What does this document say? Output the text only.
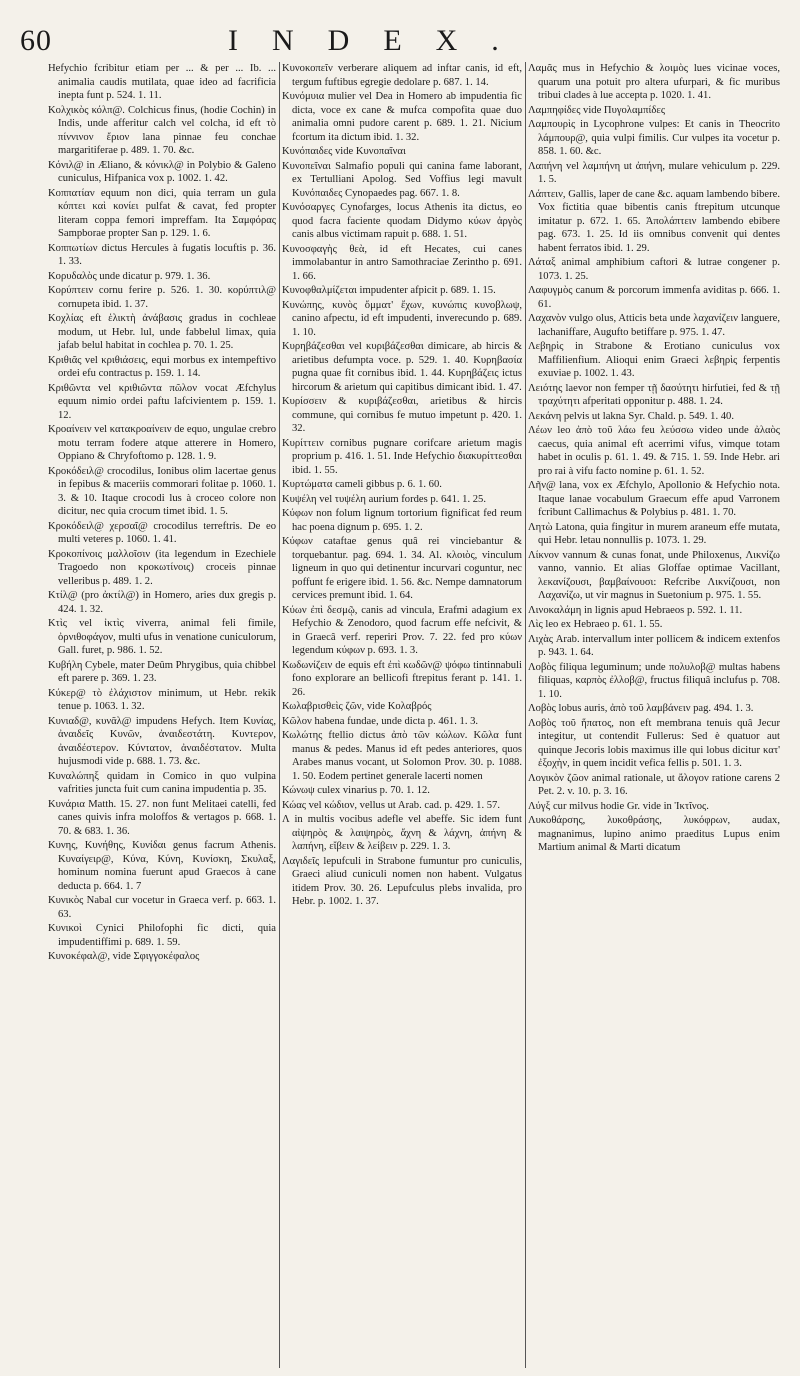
60	INDEX.

Hefychio fcribitur etiam per ... & per ... Ib. ... animalia caudis mutilata, quae ideo ad facrificia inepta funt p. 524. 1. 11.

Κολχικὸς κόλπ@. Colchicus finus, (hodie Cochin) in Indis, unde afferitur calch vel colcha, id eft τὸ πίννινον ἔριον lana pinnae feu conchae margaritiferae p. 489. 1. 70. &c.

Κόνιλ@ in Æliano, & κόνικλ@ in Polybio & Galeno cuniculus, Hifpanica vox p. 1002. 1. 42.

Κοππατίαν equum non dici, quia terram un gula κόπτει καὶ κονίει pulfat & cavat, fed propter literam coppa femori impreffam. Ita Σαμφόρας Sampborae propter San p. 129. 1. 6.

Κοππωτίων dictus Hercules à fugatis locuftis p. 36. 1. 33.

Κορυδαλὸς unde dicatur p. 979. 1. 36.

Κορύπτειν cornu ferire p. 526. 1. 30. κορύπτιλ@ cornupeta ibid. 1. 37.

Κοχλίας eft ἑλικτὴ ἀνάβασις gradus in cochleae modum, ut Hebr. lul, unde fabbelul limax, quia jafab belul habitat in cochlea p. 70. 1. 25.

Κριθιᾶς vel κριθιάσεις, equi morbus ex intempeftivo ordei efu contractus p. 159. 1. 14.

Κριθῶντα vel κριθιῶντα πῶλον vocat Æfchylus equum nimio ordei paftu lafcivientem p. 159. 1. 12.

Κροαίνειν vel κατακροαίνειν de equo, ungulae crebro motu terram fodere atque atterere in Homero, Oppiano & Chryfoftomo p. 128. 1. 9.

Κροκόδειλ@ crocodilus, Ionibus olim lacertae genus in fepibus & maceriis commorari folitae p. 1060. 1. 3. & 10. Itaque crocodi lus à croceo colore non dicitur, nec quia crocum timet ibid. 1. 5.

Κροκόδειλ@ χερσαῖ@ crocodilus terreftris. De eo multi veteres p. 1060. 1. 41.

Κροκοπίνοις μαλλοῖσιν (ita legendum in Ezechiele Tragoedo non κροκωτίνοις) croceis pinnae velleribus p. 489. 1. 2.

Κτίλ@ (pro ἀκτίλ@) in Homero, aries dux gregis p. 424. 1. 32.

Κτὶς vel ἰκτὶς viverra, animal feli fimile, ὀρνιθοφάγον, multi ufus in venatione cuniculorum, Gall. furet, p. 986. 1. 52.

Κυβήλη Cybele, mater Deûm Phrygibus, quia chibbel eft parere p. 369. 1. 23.

Κύκερ@ τὸ ἐλάχιστον minimum, ut Hebr. rekik tenue p. 1063. 1. 32.

Κυνιαδ@, κυνᾶλ@ impudens Hefych. Item Κυνίας, ἀναιδεῖς Κυνῶν, ἀναιδεστάτη. Κυντερον, ἀναιδέστερον. Κύντατον, ἀναιδέστατον. Multa hujusmodi vide p. 688. 1. 73. &c.

Κυναλώπηξ quidam in Comico in quo vulpina vafrities juncta fuit cum canina impudentia p. 35.

Κυνάρια Matth. 15. 27. non funt Melitaei catelli, fed canes quivis infra moloffos & vertagos p. 668. 1. 70. & 683. 1. 36.

Κυνης, Κυνήθης, Κυνίδαι genus facrum Athenis. Κυναίγειρ@, Κύνα, Κύνη, Κυνίσκη, Σκυλαξ, hominum nomina fuerunt apud Graecos à cane deducta p. 664. 1. 7

Κυνικὸς Nabal cur vocetur in Graeca verf. p. 663. 1. 63.

Κυνικοὶ Cynici Philofophi fic dicti, quia impudentiffimi p. 689. 1. 59.

Κυνοκέφαλ@, vide Σφιγγοκέφαλος

Κυνοκοπεῖν verberare aliquem ad inftar canis, id eft, tergum fuftibus egregie dedolare p. 687. 1. 14.

Κυνόμυια mulier vel Dea in Homero ab impudentia fic dicta, voce ex cane & mufca compofita quae duo animalia omni pudore carent p. 689. 1. 21. Nicium fcortum ita dictum ibid. 1. 32.

Κυνόπαιδες vide Κυνοπαῖναι

Κυνοπεῖναι Salmafio populi qui canina fame laborant, ex Tertulliani Apolog. Sed Voffius legi mavult Κυνόπαιδες Cynopaedes pag. 667. 1. 8.

Κυνόσαργες Cynofarges, locus Athenis ita dictus, eo quod facra faciente quodam Didymo κύων ἀργὸς canis albus victimam rapuit p. 688. 1. 51.

Κυνοσφαγὴς θεὰ, id eft Hecates, cui canes immolabantur in antro Samothraciae Zerintho p. 691. 1. 66.

Κυνοφθαλμίζεται impudenter afpicit p. 689. 1. 15.

Κυνώπης, κυνὸς ὄμματ' ἔχων, κυνώπις κυνοβλωψ, canino afpectu, id eft impudenti, inverecundo p. 689. 1. 10.

Κυρηβάζεσθαι vel κυριβάζεσθαι dimicare, ab hircis & arietibus defumpta voce. p. 529. 1. 40. Κυρηβασία pugna quae fit cornibus ibid. 1. 44. Κυρηβάζεις ictus hircorum & arietum qui capitibus dimicant ibid. 1. 47.

Κυρίσσειν & κυριβάζεσθαι, arietibus & hircis commune, qui cornibus fe mutuo impetunt p. 420. 1. 32.

Κυρίττειν cornibus pugnare corifcare arietum magis proprium p. 416. 1. 51. Inde Hefychio διακυρίττεσθαι ibid. 1. 55.

Κυρτώματα cameli gibbus p. 6. 1. 60.

Κυψέλη vel τυψέλη aurium fordes p. 641. 1. 25.

Κύφων non folum lignum tortorium fignificat fed reum hac poena dignum p. 695. 1. 2.

Κύφων cataftae genus quâ rei vinciebantur & torquebantur. pag. 694. 1. 34. Al. κλοιὸς, vinculum ligneum in quo qui detinentur incurvari coguntur, nec poffunt fe erigere ibid. 1. 56. &c. Nempe damnatorum cervices premunt ibid. 1. 64.

Κύων ἐπὶ δεσμῷ, canis ad vincula, Erafmi adagium ex Hefychio & Zenodoro, quod facrum effe nefcivit, & in Graecâ verf. reperiri Prov. 7. 22. fed pro κύων legendum κύφων p. 693. 1. 3.

Κωδωνίζειν de equis eft ἐπὶ κωδῶν@ ψόφω tintinnabuli fono explorare an bellicofi ftrepitus ferant p. 141. 1. 26.

Κωλαβρισθεὶς ζῶν, vide Κολαβρός

Κῶλον habena fundae, unde dicta p. 461. 1. 3.

Κωλώτης ftellio dictus ἀπὸ τῶν κώλων. Κῶλα funt manus & pedes. Manus id eft pedes anteriores, quos Arabes manus vocant, ut Solomon Prov. 30. p. 1088. 1. 50. Eodem pertinet generale lacerti nomen

Κώνωψ culex vinarius p. 70. 1. 12.

Κώας vel κώδιον, vellus ut Arab. cad. p. 429. 1. 57.

Λ in multis vocibus adefle vel abeffe. Sic idem funt αἰψηρὸς & λαιψηρὸς, ἄχνη & λάχνη, ἀπήνη & λαπήνη, εἴβειν & λείβειν p. 229. 1. 3.

Λαγιδεῖς lepufculi in Strabone fumuntur pro cuniculis, Graeci aliud cuniculi nomen non habent. Vulgatus itidem Prov. 30. 26. Lepufculus plebs invalida, pro Hebr. p. 1002. 1. 37.

Λαμᾶς mus in Hefychio & λοιμὸς lues vicinae voces, quarum una potuit pro altera ufurpari, & fic muribus tribui clades à lue accepta p. 1020. 1. 41.

Λαμπηφίδες vide Πυγολαμπίδες

Λαμπουρὶς in Lycophrone vulpes: Et canis in Theocrito λάμπουρ@, quia vulpi fimilis. Cur vulpes ita vocetur p. 858. 1. 60. &c.

Λαπήνη vel λαμπήνη ut ἀπήνη, mulare vehiculum p. 229. 1. 5.

Λάπτειν, Gallis, laper de cane &c. aquam lambendo bibere. Vox fictitia quae bibentis canis ftrepitum utcunque imitatur p. 672. 1. 65. Ἀπολάπτειν lambendo ebibere pag. 673. 1. 25. Id iis omnibus convenit qui dentes habent ferratos ibid. 1. 29.

Λάταξ animal amphibium caftori & lutrae congener p. 1073. 1. 25.

Λαφυγμὸς canum & porcorum immenfa aviditas p. 666. 1. 61.

Λαχανὸν vulgo olus, Atticis beta unde λαχανίζειν languere, lachaniffare, Augufto betiffare p. 975. 1. 47.

Λεβηρὶς in Strabone & Erotiano cuniculus vox Maffilienfium. Alioqui enim Graeci λεβηρὶς ferpentis exuviae p. 1002. 1. 43.

Λειότης laevor non femper τῇ δασύτητι hirfutiei, fed & τῇ τραχύτητι afperitati opponitur p. 488. 1. 24.

Λεκάνη pelvis ut lakna Syr. Chald. p. 549. 1. 40.

Λέων leo ἀπὸ τοῦ λάω feu λεύσσω video unde ἀλαὸς caecus, quia animal eft acerrimi vifus, vimque totam habet in oculis p. 61. 1. 49. & 715. 1. 59. Inde Hebr. ari pro rai à vifu facto nomine p. 61. 1. 52.

Λῆν@ lana, vox ex Æfchylo, Apollonio & Hefychio nota. Itaque lanae vocabulum Graecum effe apud Varronem fcribunt Callimachus & Polybius p. 481. 1. 70.

Λητὼ Latona, quia fingitur in murem araneum effe mutata, qui Hebr. letau nonnullis p. 1073. 1. 29.

Λίκνον vannum & cunas fonat, unde Philoxenus, Λικνίζω vanno, vannio. Et alias Gloffae optimae Vacillant, λεκανίζουσι, βαμβαίνουσι: Refcribe Λικνίζουσι, non Λαχανίζω, ut vir magnus in Suetonium p. 975. 1. 55.

Λινοκαλάμη in lignis apud Hebraeos p. 592. 1. 11.

Λὶς leo ex Hebraeo p. 61. 1. 55.

Λιχὰς Arab. intervallum inter pollicem & indicem extenfos p. 943. 1. 64.

Λοβὸς filiqua leguminum; unde πολυλοβ@ multas habens filiquas, καρπὸς ἐλλοβ@, fructus filiquâ inclufus p. 708. 1. 10.

Λοβὸς lobus auris, ἀπὸ τοῦ λαμβάνειν pag. 494. 1. 3.

Λοβὸς τοῦ ἥπατος, non eft membrana tenuis quâ Jecur integitur, ut contendit Fullerus: Sed è quatuor aut quinque Jecoris lobis maximus ille qui lobus dicitur κατ' ἐξοχὴν, in quem incidit vefica fellis p. 501. 1. 3.

Λογικὸν ζῶον animal rationale, ut ἄλογον ratione carens 2 Pet. 2. v. 10. p. 3. 16.

Λύγξ cur milvus hodie Gr. vide in Ἰκτῖνος.

Λυκοθάρσης, λυκοθράσης, λυκόφρων, audax, magnanimus, lupino animo praeditus Lupus enim Martium animal & Marti dicatum
